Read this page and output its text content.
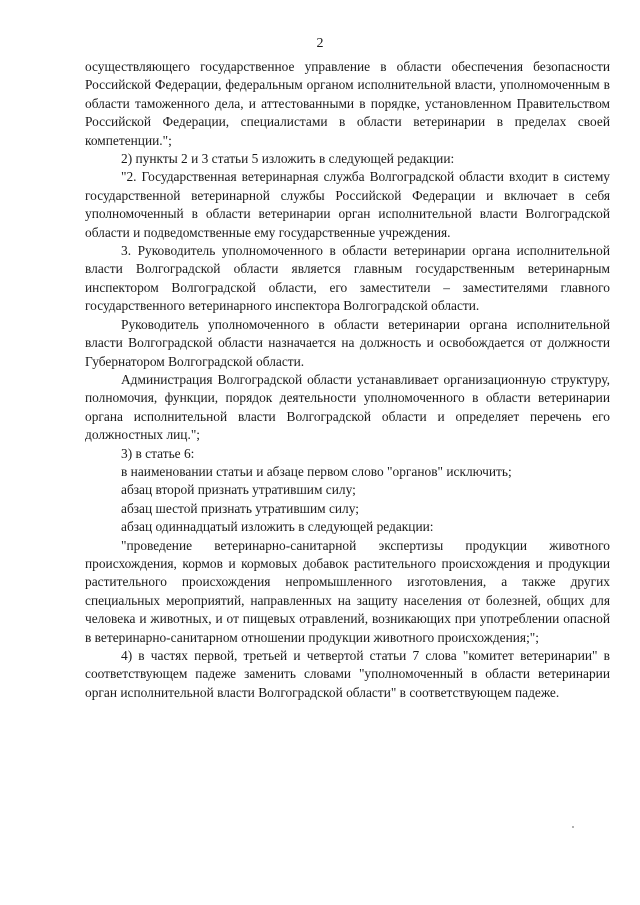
2

осуществляющего государственное управление в области обеспечения безопасности Российской Федерации, федеральным органом исполнительной власти, уполномоченным в области таможенного дела, и аттестованными в порядке, установленном Правительством Российской Федерации, специалистами в области ветеринарии в пределах своей компетенции.";

2) пункты 2 и 3 статьи 5 изложить в следующей редакции:

"2. Государственная ветеринарная служба Волгоградской области входит в систему государственной ветеринарной службы Российской Федерации и включает в себя уполномоченный в области ветеринарии орган исполнительной власти Волгоградской области и подведомственные ему государственные учреждения.

3. Руководитель уполномоченного в области ветеринарии органа исполнительной власти Волгоградской области является главным государственным ветеринарным инспектором Волгоградской области, его заместители – заместителями главного государственного ветеринарного инспектора Волгоградской области.

Руководитель уполномоченного в области ветеринарии органа исполнительной власти Волгоградской области назначается на должность и освобождается от должности Губернатором Волгоградской области.

Администрация Волгоградской области устанавливает организационную структуру, полномочия, функции, порядок деятельности уполномоченного в области ветеринарии органа исполнительной власти Волгоградской области и определяет перечень его должностных лиц.";

3) в статье 6:

в наименовании статьи и абзаце первом слово "органов" исключить;

абзац второй признать утратившим силу;

абзац шестой признать утратившим силу;

абзац одиннадцатый изложить в следующей редакции:

"проведение ветеринарно-санитарной экспертизы продукции животного происхождения, кормов и кормовых добавок растительного происхождения и продукции растительного происхождения непромышленного изготовления, а также других специальных мероприятий, направленных на защиту населения от болезней, общих для человека и животных, и от пищевых отравлений, возникающих при употреблении опасной в ветеринарно-санитарном отношении продукции животного происхождения;";

4) в частях первой, третьей и четвертой статьи 7 слова "комитет ветеринарии" в соответствующем падеже заменить словами "уполномоченный в области ветеринарии орган исполнительной власти Волгоградской области" в соответствующем падеже.
